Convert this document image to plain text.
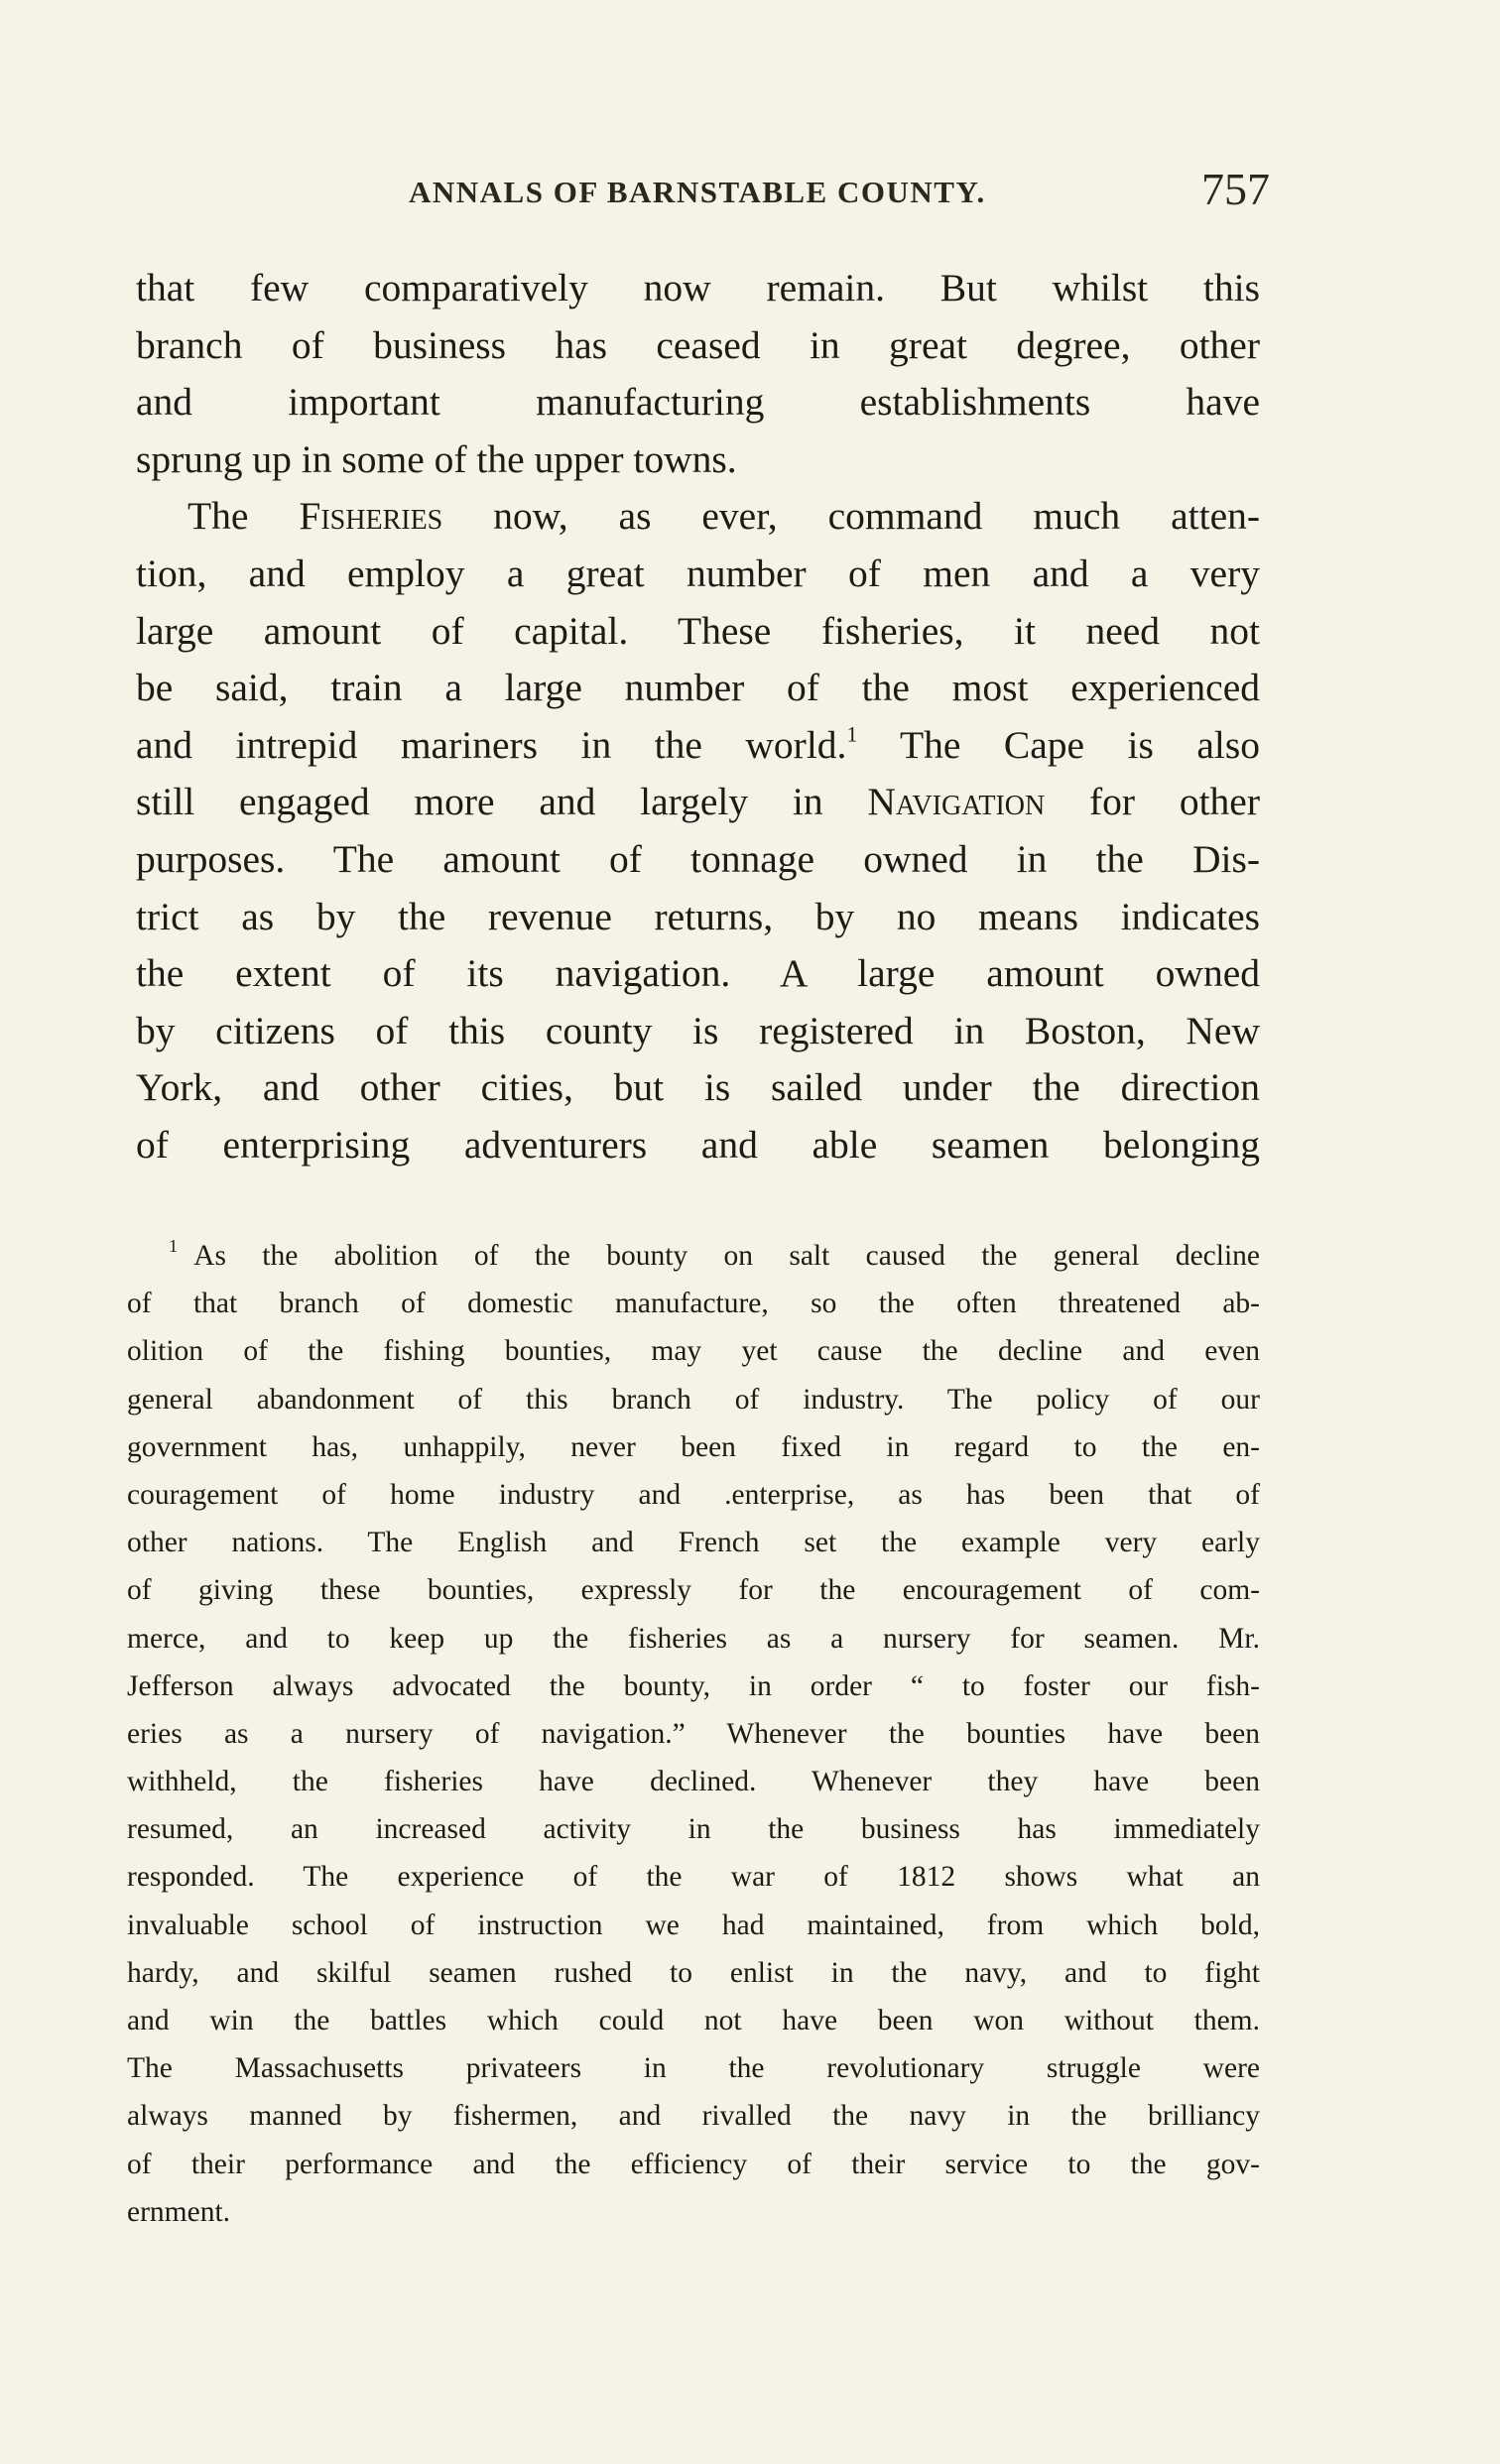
ANNALS OF BARNSTABLE COUNTY.	757
that few comparatively now remain. But whilst this
branch of business has ceased in great degree, other
and important manufacturing establishments have
sprung up in some of the upper towns.
The Fisheries now, as ever, command much atten-
tion, and employ a great number of men and a very
large amount of capital. These fisheries, it need not
be said, train a large number of the most experienced
and intrepid mariners in the world.$^1$ The Cape is also
still engaged more and largely in Navigation for other
purposes. The amount of tonnage owned in the Dis-
trict as by the revenue returns, by no means indicates
the extent of its navigation. A large amount owned
by citizens of this county is registered in Boston, New
York, and other cities, but is sailed under the direction
of enterprising adventurers and able seamen belonging
$^1$ As the abolition of the bounty on salt caused the general decline
of that branch of domestic manufacture, so the often threatened ab-
olition of the fishing bounties, may yet cause the decline and even
general abandonment of this branch of industry. The policy of our
government has, unhappily, never been fixed in regard to the en-
couragement of home industry and .enterprise, as has been that of
other nations. The English and French set the example very early
of giving these bounties, expressly for the encouragement of com-
merce, and to keep up the fisheries as a nursery for seamen. Mr.
Jefferson always advocated the bounty, in order “ to foster our fish-
eries as a nursery of navigation.” Whenever the bounties have been
withheld, the fisheries have declined. Whenever they have been
resumed, an increased activity in the business has immediately
responded. The experience of the war of 1812 shows what an
invaluable school of instruction we had maintained, from which bold,
hardy, and skilful seamen rushed to enlist in the navy, and to fight
and win the battles which could not have been won without them.
The Massachusetts privateers in the revolutionary struggle were
always manned by fishermen, and rivalled the navy in the brilliancy
of their performance and the efficiency of their service to the gov-
ernment.
